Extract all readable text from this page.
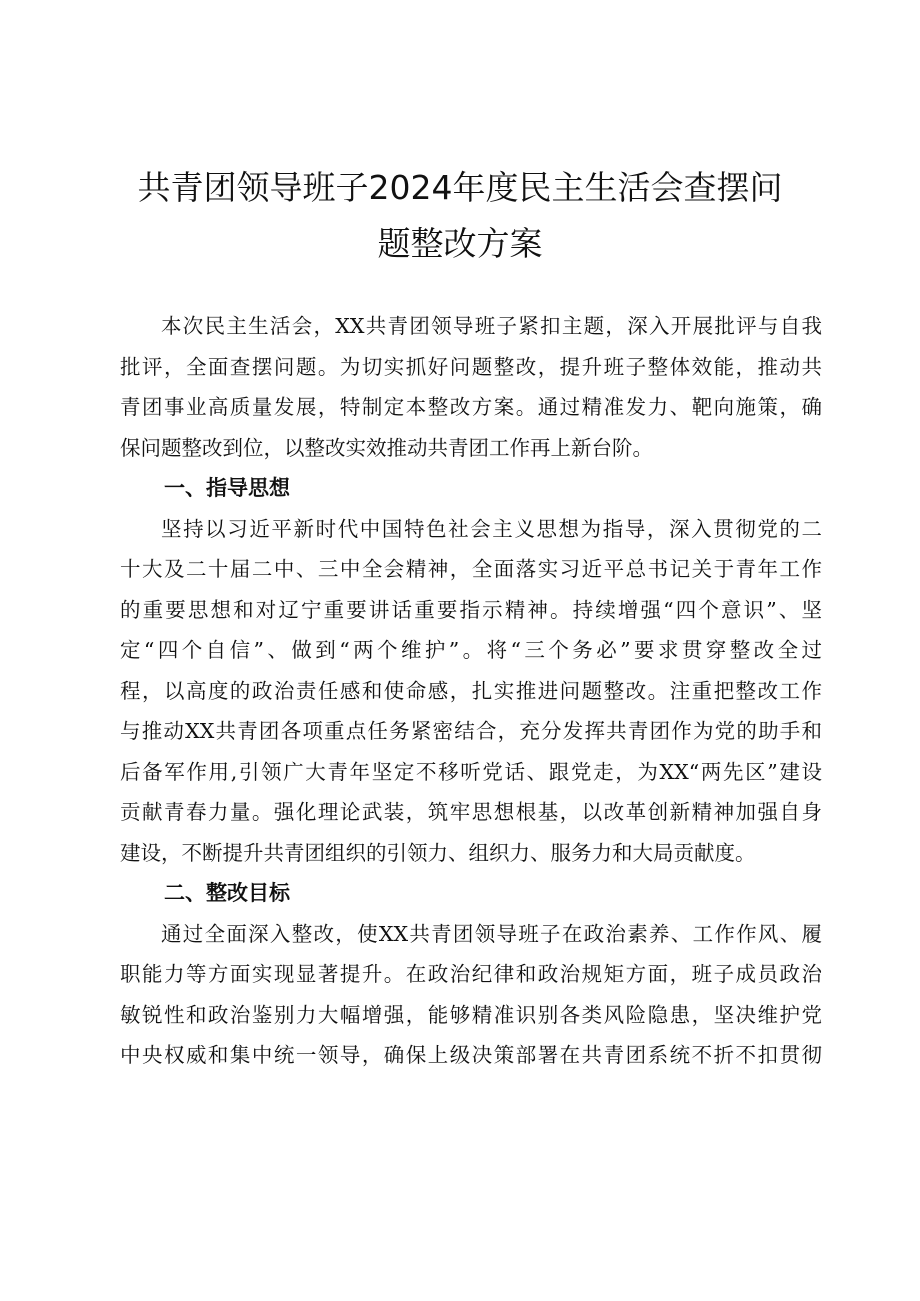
共青团领导班子2024年度民主生活会查摆问
题整改方案
本次民主生活会，XX共青团领导班子紧扣主题，深入开展批评与自我
批评，全面查摆问题。为切实抓好问题整改，提升班子整体效能，推动共
青团事业高质量发展，特制定本整改方案。通过精准发力、靶向施策，确
保问题整改到位，以整改实效推动共青团工作再上新台阶。
一、指导思想
坚持以习近平新时代中国特色社会主义思想为指导，深入贯彻党的二
十大及二十届二中、三中全会精神，全面落实习近平总书记关于青年工作
的重要思想和对辽宁重要讲话重要指示精神。持续增强“四个意识”、坚
定“四个自信”、做到“两个维护”。将“三个务必”要求贯穿整改全过
程，以高度的政治责任感和使命感，扎实推进问题整改。注重把整改工作
与推动XX共青团各项重点任务紧密结合，充分发挥共青团作为党的助手和
后备军作用,引领广大青年坚定不移听党话、跟党走，为XX“两先区”建设
贡献青春力量。强化理论武装，筑牢思想根基，以改革创新精神加强自身
建设，不断提升共青团组织的引领力、组织力、服务力和大局贡献度。
二、整改目标
通过全面深入整改，使XX共青团领导班子在政治素养、工作作风、履
职能力等方面实现显著提升。在政治纪律和政治规矩方面，班子成员政治
敏锐性和政治鉴别力大幅增强，能够精准识别各类风险隐患，坚决维护党
中央权威和集中统一领导，确保上级决策部署在共青团系统不折不扣贯彻
